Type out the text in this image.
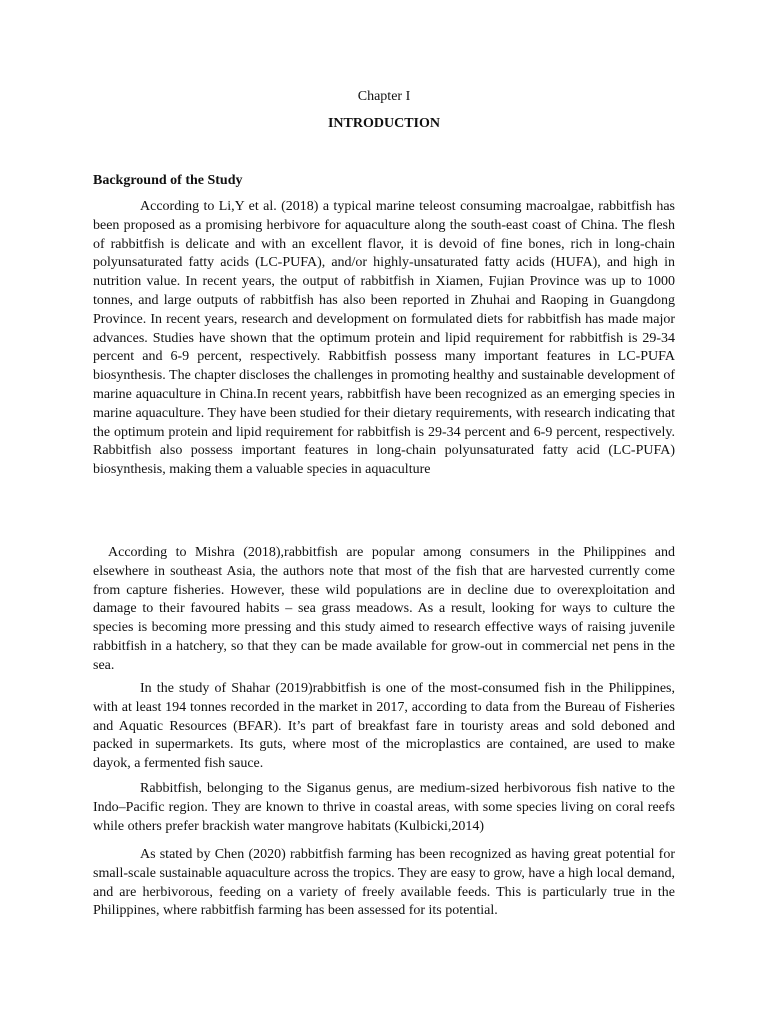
Chapter I
INTRODUCTION
Background of the Study

According to Li,Y et al. (2018) a typical marine teleost consuming macroalgae, rabbitfish has been proposed as a promising herbivore for aquaculture along the south-east coast of China. The flesh of rabbitfish is delicate and with an excellent flavor, it is devoid of fine bones, rich in long-chain polyunsaturated fatty acids (LC-PUFA), and/or highly-unsaturated fatty acids (HUFA), and high in nutrition value. In recent years, the output of rabbitfish in Xiamen, Fujian Province was up to 1000 tonnes, and large outputs of rabbitfish has also been reported in Zhuhai and Raoping in Guangdong Province. In recent years, research and development on formulated diets for rabbitfish has made major advances. Studies have shown that the optimum protein and lipid requirement for rabbitfish is 29-34 percent and 6-9 percent, respectively. Rabbitfish possess many important features in LC-PUFA biosynthesis. The chapter discloses the challenges in promoting healthy and sustainable development of marine aquaculture in China.In recent years, rabbitfish have been recognized as an emerging species in marine aquaculture. They have been studied for their dietary requirements, with research indicating that the optimum protein and lipid requirement for rabbitfish is 29-34 percent and 6-9 percent, respectively. Rabbitfish also possess important features in long-chain polyunsaturated fatty acid (LC-PUFA) biosynthesis, making them a valuable species in aquaculture

According to Mishra (2018),rabbitfish are popular among consumers in the Philippines and elsewhere in southeast Asia, the authors note that most of the fish that are harvested currently come from capture fisheries. However, these wild populations are in decline due to overexploitation and damage to their favoured habits – sea grass meadows. As a result, looking for ways to culture the species is becoming more pressing and this study aimed to research effective ways of raising juvenile rabbitfish in a hatchery, so that they can be made available for grow-out in commercial net pens in the sea.

In the study of Shahar (2019)rabbitfish is one of the most-consumed fish in the Philippines, with at least 194 tonnes recorded in the market in 2017, according to data from the Bureau of Fisheries and Aquatic Resources (BFAR). It’s part of breakfast fare in touristy areas and sold deboned and packed in supermarkets. Its guts, where most of the microplastics are contained, are used to make dayok, a fermented fish sauce.

Rabbitfish, belonging to the Siganus genus, are medium-sized herbivorous fish native to the Indo–Pacific region. They are known to thrive in coastal areas, with some species living on coral reefs while others prefer brackish water mangrove habitats (Kulbicki,2014)

As stated by Chen (2020) rabbitfish farming has been recognized as having great potential for small-scale sustainable aquaculture across the tropics. They are easy to grow, have a high local demand, and are herbivorous, feeding on a variety of freely available feeds. This is particularly true in the Philippines, where rabbitfish farming has been assessed for its potential.
